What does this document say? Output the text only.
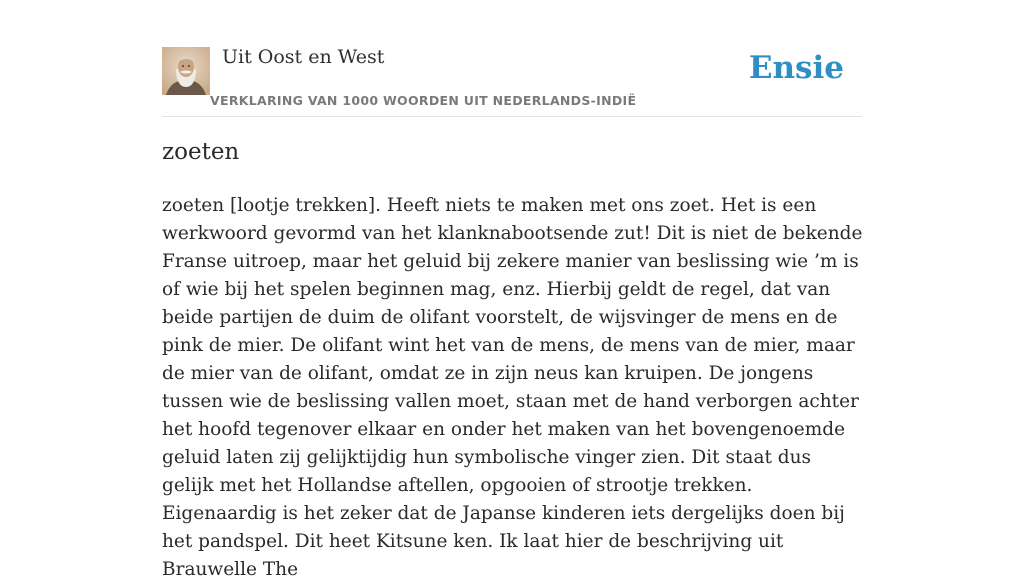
Uit Oost en West
VERKLARING VAN 1000 WOORDEN UIT NEDERLANDS-INDIË
Ensie
zoeten

zoeten [lootje trekken]. Heeft niets te maken met ons zoet. Het is een werkwoord gevormd van het klanknabootsende zut! Dit is niet de bekende Franse uitroep, maar het geluid bij zekere manier van beslissing wie ’m is of wie bij het spelen beginnen mag, enz. Hierbij geldt de regel, dat van beide partijen de duim de olifant voorstelt, de wijsvinger de mens en de pink de mier. De olifant wint het van de mens, de mens van de mier, maar de mier van de olifant, omdat ze in zijn neus kan kruipen. De jongens tussen wie de beslissing vallen moet, staan met de hand verborgen achter het hoofd tegenover elkaar en onder het maken van het bovengenoemde geluid laten zij gelijktijdig hun symbolische vinger zien. Dit staat dus gelijk met het Hollandse aftellen, opgooien of strootje trekken. Eigenaardig is het zeker dat de Japanse kinderen iets dergelijks doen bij het pandspel. Dit heet Kitsune ken. Ik laat hier de beschrijving uit Brauwelle The
